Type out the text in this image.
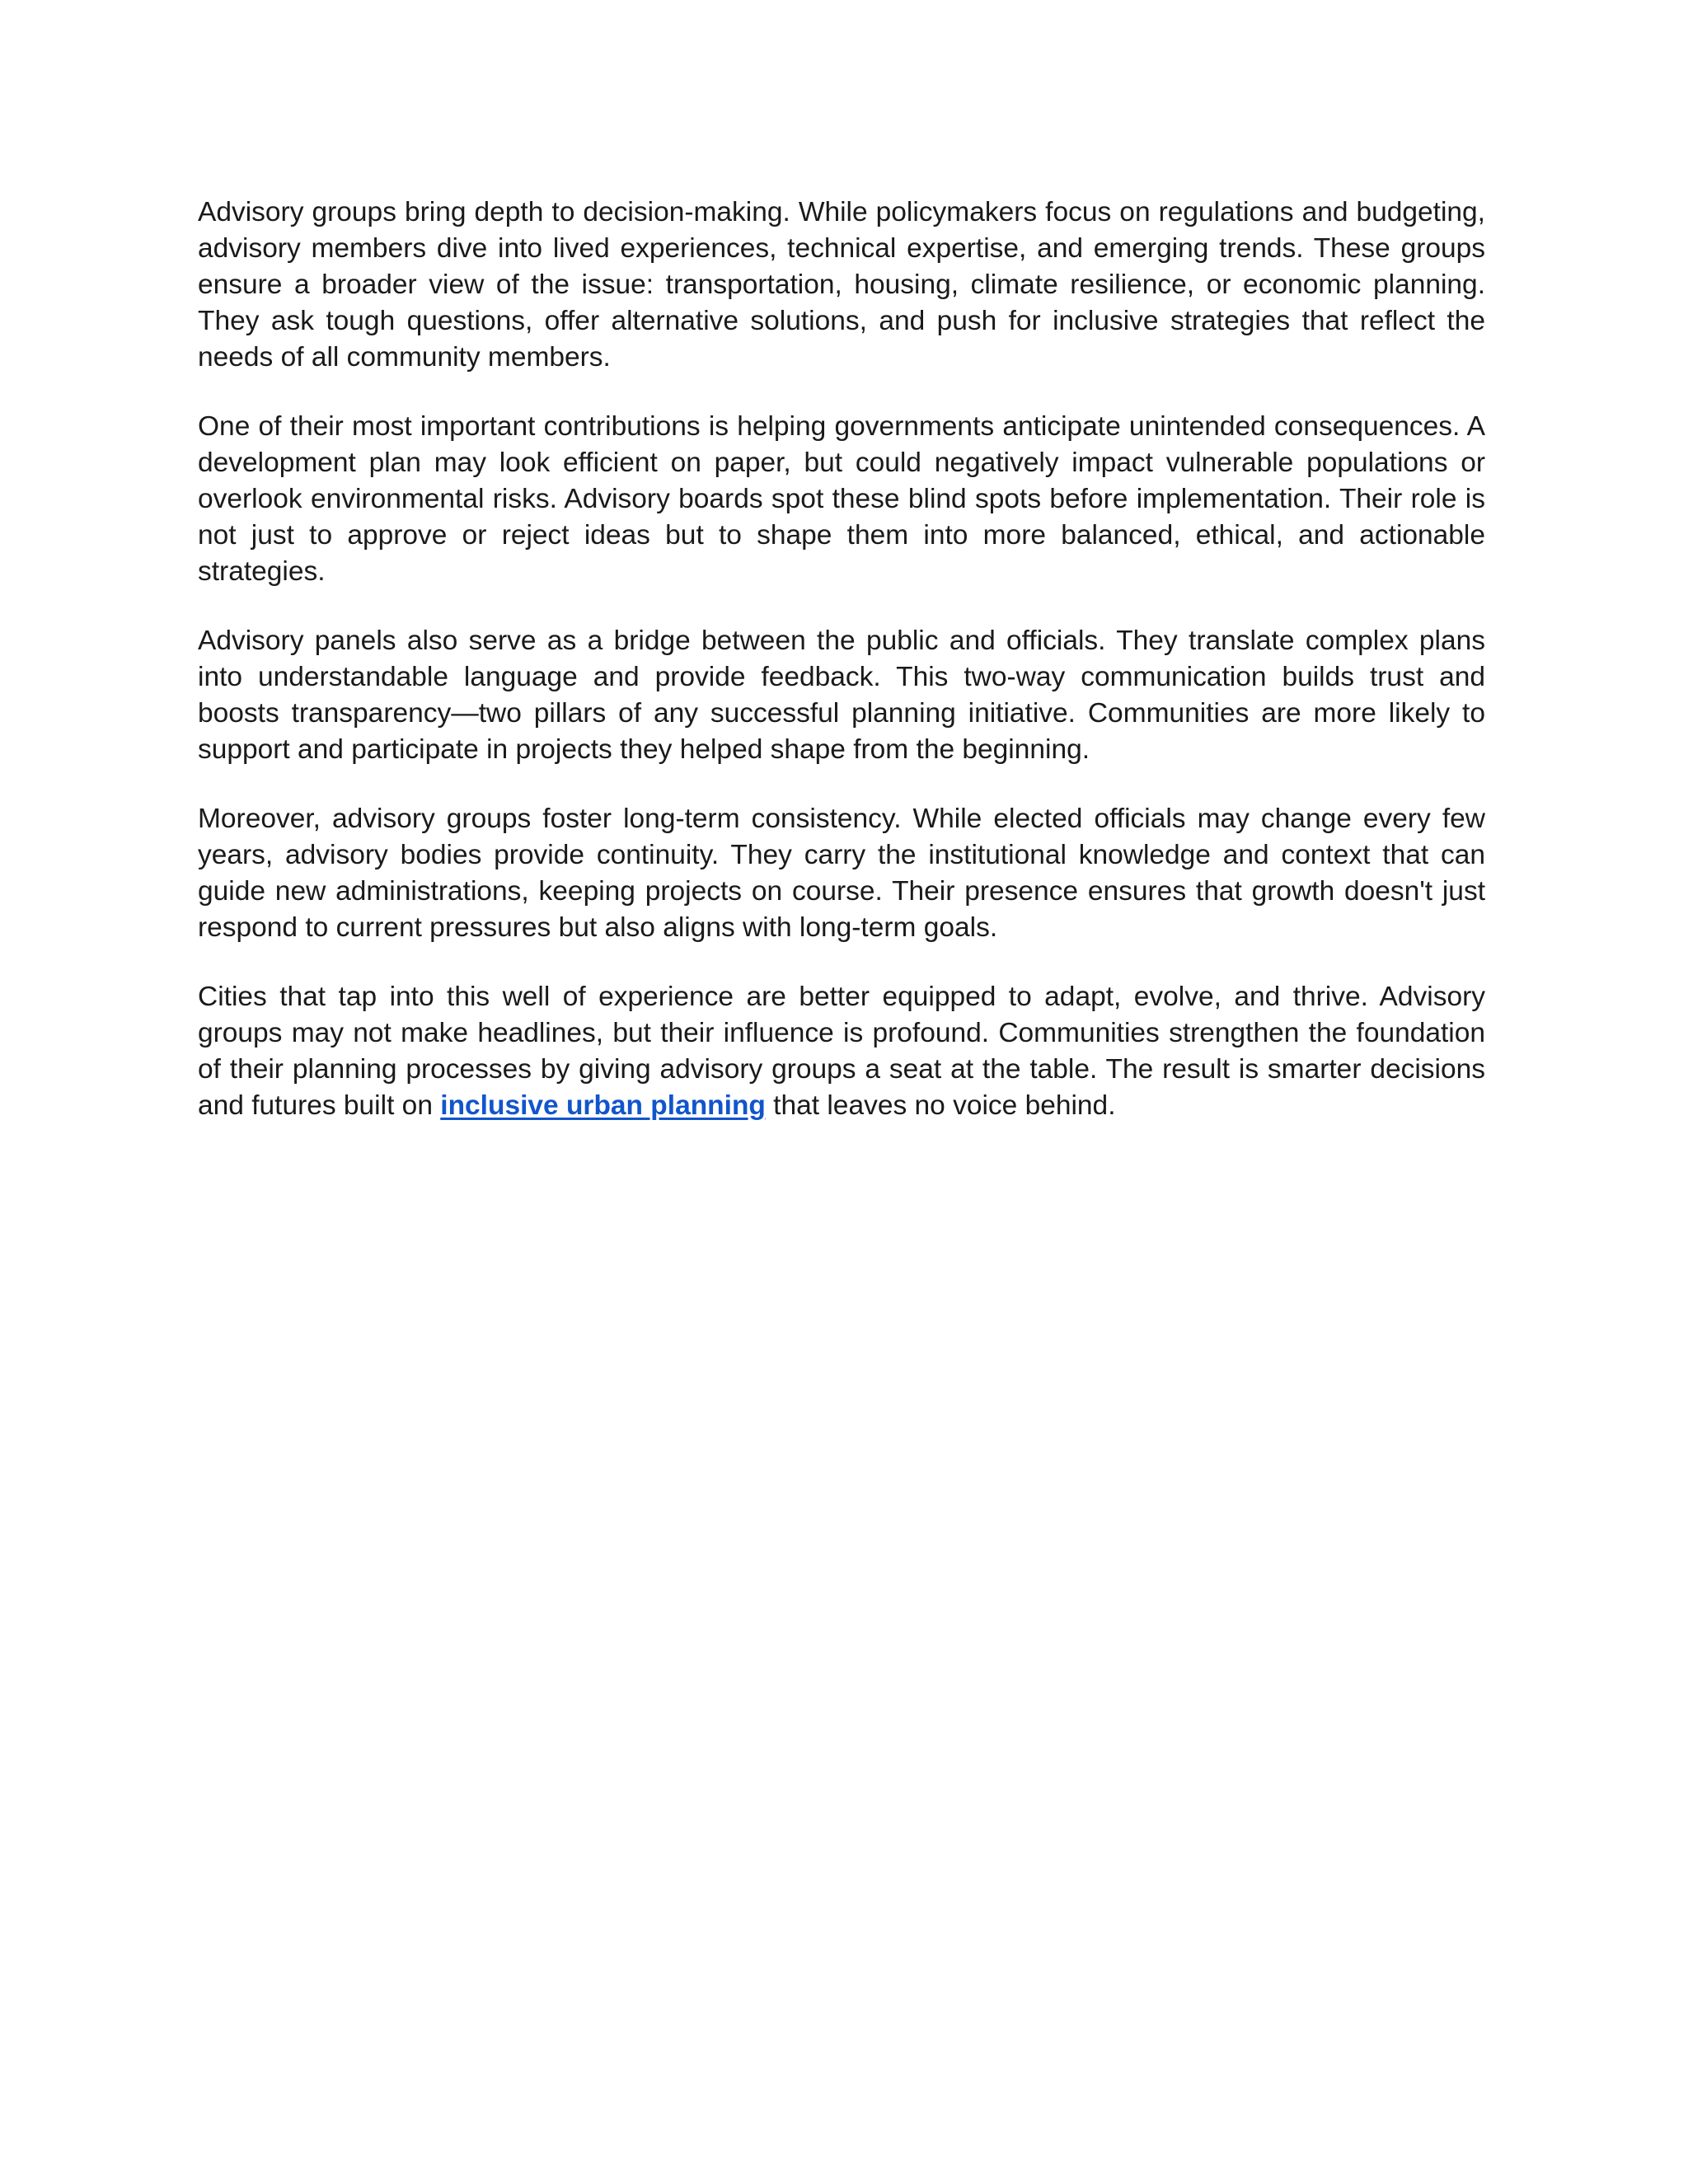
Advisory groups bring depth to decision-making. While policymakers focus on regulations and budgeting, advisory members dive into lived experiences, technical expertise, and emerging trends. These groups ensure a broader view of the issue: transportation, housing, climate resilience, or economic planning. They ask tough questions, offer alternative solutions, and push for inclusive strategies that reflect the needs of all community members.

One of their most important contributions is helping governments anticipate unintended consequences. A development plan may look efficient on paper, but could negatively impact vulnerable populations or overlook environmental risks. Advisory boards spot these blind spots before implementation. Their role is not just to approve or reject ideas but to shape them into more balanced, ethical, and actionable strategies.

Advisory panels also serve as a bridge between the public and officials. They translate complex plans into understandable language and provide feedback. This two-way communication builds trust and boosts transparency—two pillars of any successful planning initiative. Communities are more likely to support and participate in projects they helped shape from the beginning.

Moreover, advisory groups foster long-term consistency. While elected officials may change every few years, advisory bodies provide continuity. They carry the institutional knowledge and context that can guide new administrations, keeping projects on course. Their presence ensures that growth doesn't just respond to current pressures but also aligns with long-term goals.

Cities that tap into this well of experience are better equipped to adapt, evolve, and thrive. Advisory groups may not make headlines, but their influence is profound. Communities strengthen the foundation of their planning processes by giving advisory groups a seat at the table. The result is smarter decisions and futures built on inclusive urban planning that leaves no voice behind.
